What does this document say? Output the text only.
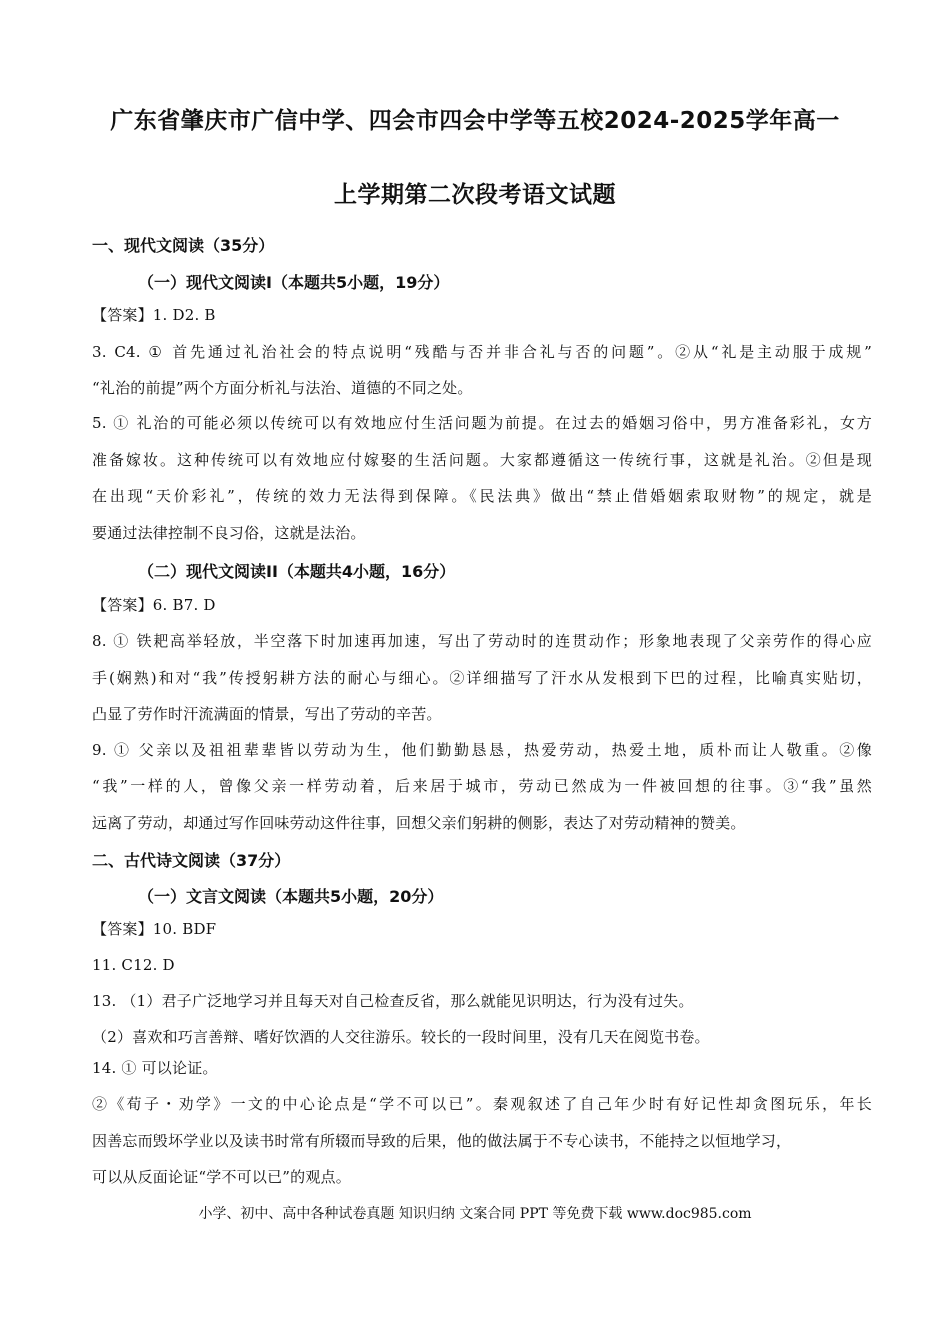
广东省肇庆市广信中学、四会市四会中学等五校2024-2025学年高一
上学期第二次段考语文试题
一、现代文阅读（35分）
（一）现代文阅读Ⅰ（本题共5小题，19分）
【答案】1. D2. B
3. C4. ① 首先通过礼治社会的特点说明“残酷与否并非合礼与否的问题”。②从“礼是主动服于成规”
“礼治的前提”两个方面分析礼与法治、道德的不同之处。
5. ① 礼治的可能必须以传统可以有效地应付生活问题为前提。在过去的婚姻习俗中，男方准备彩礼，女方
准备嫁妆。这种传统可以有效地应付嫁娶的生活问题。大家都遵循这一传统行事，这就是礼治。②但是现
在出现“天价彩礼”，传统的效力无法得到保障。《民法典》做出“禁止借婚姻索取财物”的规定，就是
要通过法律控制不良习俗，这就是法治。
（二）现代文阅读II（本题共4小题，16分）
【答案】6. B7. D
8. ① 铁耙高举轻放，半空落下时加速再加速，写出了劳动时的连贯动作；形象地表现了父亲劳作的得心应
手(娴熟)和对“我”传授躬耕方法的耐心与细心。②详细描写了汗水从发根到下巴的过程，比喻真实贴切，
凸显了劳作时汗流满面的情景，写出了劳动的辛苦。
9. ① 父亲以及祖祖辈辈皆以劳动为生，他们勤勤恳恳，热爱劳动，热爱土地，质朴而让人敬重。②像
“我”一样的人，曾像父亲一样劳动着，后来居于城市，劳动已然成为一件被回想的往事。③“我”虽然
远离了劳动，却通过写作回味劳动这件往事，回想父亲们躬耕的侧影，表达了对劳动精神的赞美。
二、古代诗文阅读（37分）
（一）文言文阅读（本题共5小题，20分）
【答案】10. BDF
11. C12. D
13. （1）君子广泛地学习并且每天对自己检查反省，那么就能见识明达，行为没有过失。
（2）喜欢和巧言善辩、嗜好饮酒的人交往游乐。较长的一段时间里，没有几天在阅览书卷。
14. ① 可以论证。
②《荀子・劝学》一文的中心论点是“学不可以已”。秦观叙述了自己年少时有好记性却贪图玩乐，年长
因善忘而毁坏学业以及读书时常有所辍而导致的后果，他的做法属于不专心读书，不能持之以恒地学习，
可以从反面论证“学不可以已”的观点。
小学、初中、高中各种试卷真题 知识归纳 文案合同 PPT 等免费下载 www.doc985.com
